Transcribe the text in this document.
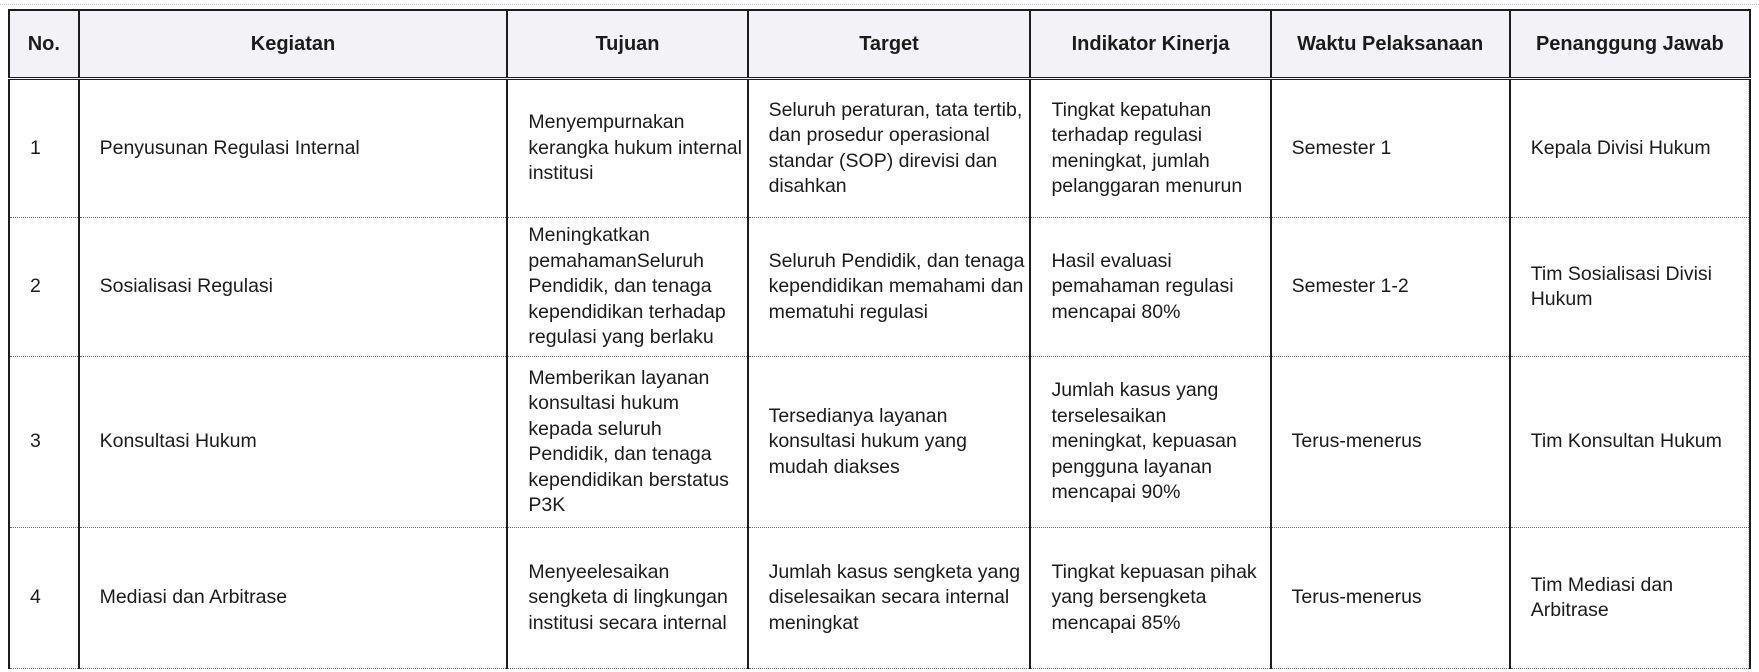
No.	Kegiatan	Tujuan	Target	Indikator Kinerja	Waktu Pelaksanaan	Penanggung Jawab
1	Penyusunan Regulasi Internal	Menyempurnakan kerangka hukum internal institusi	Seluruh peraturan, tata tertib, dan prosedur operasional standar (SOP) direvisi dan disahkan	Tingkat kepatuhan terhadap regulasi meningkat, jumlah pelanggaran menurun	Semester 1	Kepala Divisi Hukum
2	Sosialisasi Regulasi	Meningkatkan pemahamanSeluruh Pendidik, dan tenaga kependidikan terhadap regulasi yang berlaku	Seluruh Pendidik, dan tenaga kependidikan memahami dan mematuhi regulasi	Hasil evaluasi pemahaman regulasi mencapai 80%	Semester 1-2	Tim Sosialisasi Divisi Hukum
3	Konsultasi Hukum	Memberikan layanan konsultasi hukum kepada seluruh Pendidik, dan tenaga kependidikan berstatus P3K	Tersedianya layanan konsultasi hukum yang mudah diakses	Jumlah kasus yang terselesaikan meningkat, kepuasan pengguna layanan mencapai 90%	Terus-menerus	Tim Konsultan Hukum
4	Mediasi dan Arbitrase	Menyeelesaikan sengketa di lingkungan institusi secara internal	Jumlah kasus sengketa yang diselesaikan secara internal meningkat	Tingkat kepuasan pihak yang bersengketa mencapai 85%	Terus-menerus	Tim Mediasi dan Arbitrase
